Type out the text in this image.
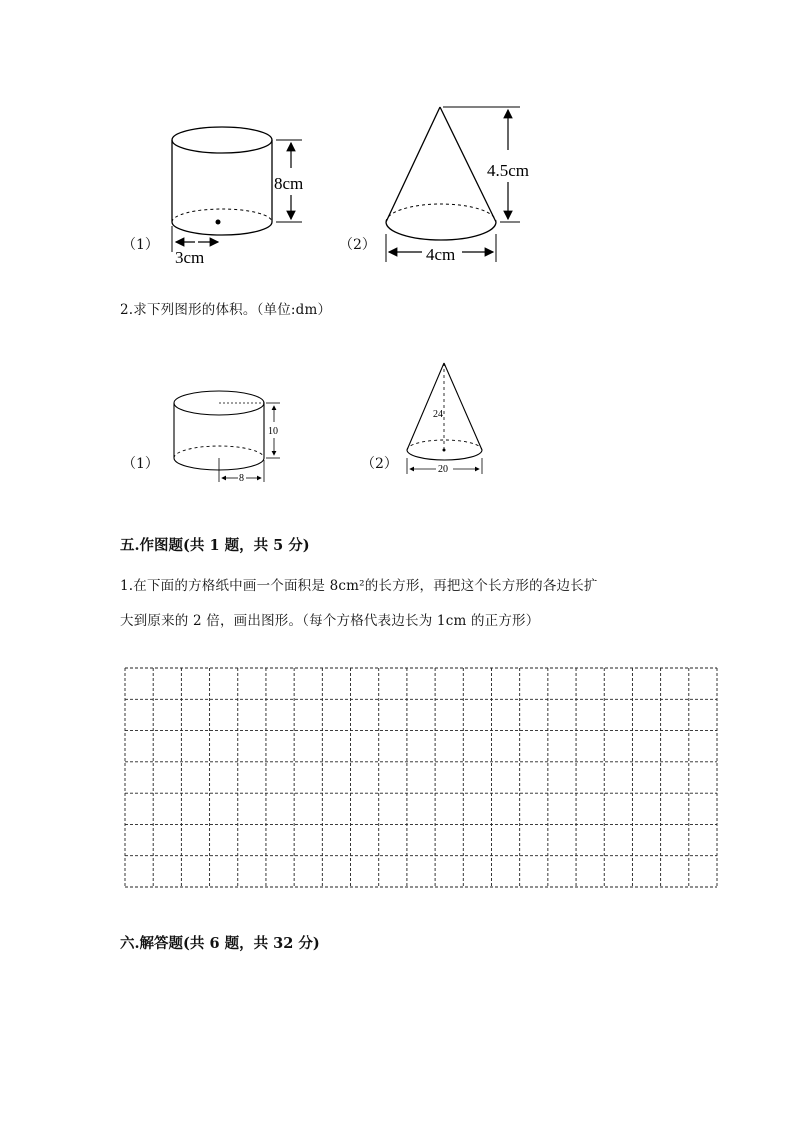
8cm
3cm
4.5cm
4cm
（1）	（2）
2.求下列图形的体积。（单位:dm）
8
10
24
20
（1）	（2）
五.作图题(共 1 题，共 5 分)
1.在下面的方格纸中画一个面积是 8cm²的长方形，再把这个长方形的各边长扩
大到原来的 2 倍，画出图形。（每个方格代表边长为 1cm 的正方形）
六.解答题(共 6 题，共 32 分)
